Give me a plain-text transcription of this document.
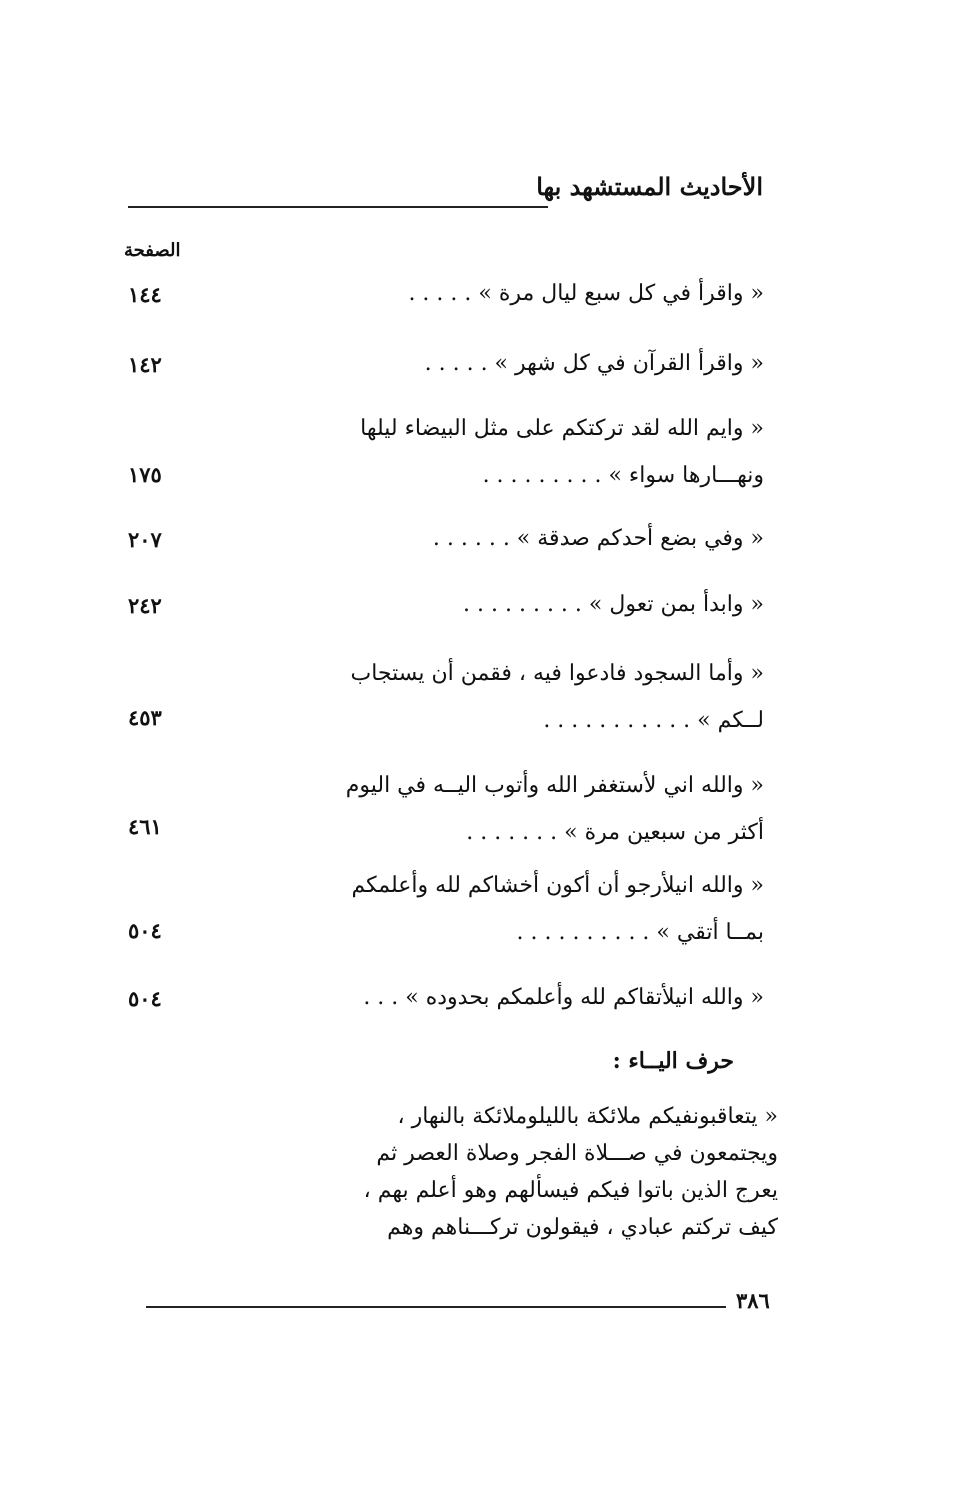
الأحاديث المستشهد بها
الصفحة
« واقرأ في كل سبع ليال مرة » . . . . .
١٤٤
« واقرأ القرآن في كل شهر » . . . . .
١٤٢
« وايم الله لقد تركتكم على مثل البيضاء ليلها
ونهـــارها سواء » . . . . . . . . .
١٧٥
« وفي بضع أحدكم صدقة » . . . . . .
٢٠٧
« وابدأ بمن تعول » . . . . . . . . .
٢٤٢
« وأما السجود فادعوا فيه ، فقمن أن يستجاب
لــكم » . . . . . . . . . . .
٤٥٣
« والله اني لأستغفر الله وأتوب اليــه في اليوم
أكثر من سبعين مرة » . . . . . . .
٤٦١
« والله انيلأرجو أن أكون أخشاكم لله وأعلمكم
بمــا أتقي » . . . . . . . . . .
٥٠٤
« والله انيلأتقاكم لله وأعلمكم بحدوده » . . .
٥٠٤
حرف اليــاء :
« يتعاقبونفيكم ملائكة بالليلوملائكة بالنهار ،
ويجتمعون في صـــلاة الفجر وصلاة العصر ثم
يعرج الذين باتوا فيكم فيسألهم وهو أعلم بهم ،
كيف تركتم عبادي ، فيقولون تركـــناهم وهم
٣٨٦
